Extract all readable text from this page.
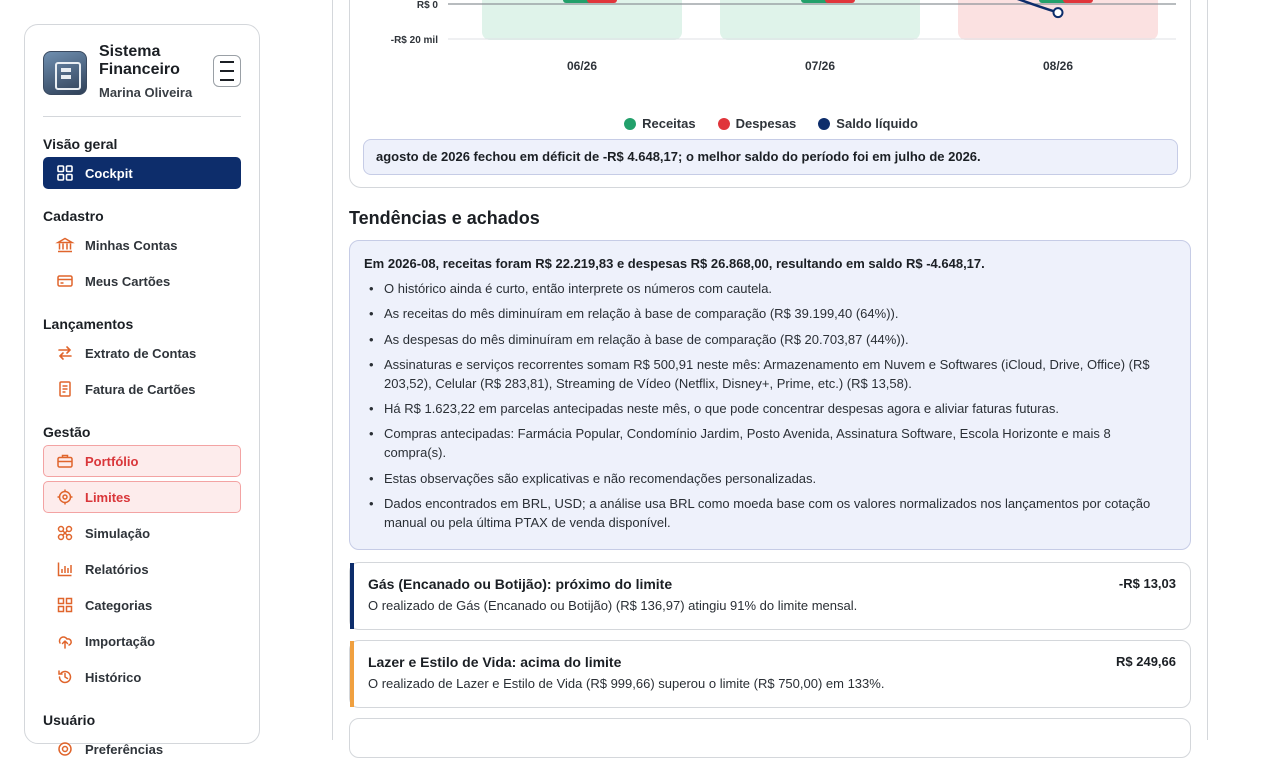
Sistema Financeiro
Marina Oliveira
Visão geral
Cockpit
Cadastro
Minhas Contas
Meus Cartões
Lançamentos
Extrato de Contas
Fatura de Cartões
Gestão
Portfólio
Limites
Simulação
Relatórios
Categorias
Importação
Histórico
Usuário
Preferências
R$ 0
-R$ 20 mil
06/26	07/26	08/26
Receitas	Despesas	Saldo líquido
agosto de 2026 fechou em déficit de -R$ 4.648,17; o melhor saldo do período foi em julho de 2026.
Tendências e achados
Em 2026-08, receitas foram R$ 22.219,83 e despesas R$ 26.868,00, resultando em saldo R$ -4.648,17.
• O histórico ainda é curto, então interprete os números com cautela.
• As receitas do mês diminuíram em relação à base de comparação (R$ 39.199,40 (64%)).
• As despesas do mês diminuíram em relação à base de comparação (R$ 20.703,87 (44%)).
• Assinaturas e serviços recorrentes somam R$ 500,91 neste mês: Armazenamento em Nuvem e Softwares (iCloud, Drive, Office) (R$ 203,52), Celular (R$ 283,81), Streaming de Vídeo (Netflix, Disney+, Prime, etc.) (R$ 13,58).
• Há R$ 1.623,22 em parcelas antecipadas neste mês, o que pode concentrar despesas agora e aliviar faturas futuras.
• Compras antecipadas: Farmácia Popular, Condomínio Jardim, Posto Avenida, Assinatura Software, Escola Horizonte e mais 8 compra(s).
• Estas observações são explicativas e não recomendações personalizadas.
• Dados encontrados em BRL, USD; a análise usa BRL como moeda base com os valores normalizados nos lançamentos por cotação manual ou pela última PTAX de venda disponível.
Gás (Encanado ou Botijão): próximo do limite	-R$ 13,03
O realizado de Gás (Encanado ou Botijão) (R$ 136,97) atingiu 91% do limite mensal.
Lazer e Estilo de Vida: acima do limite	R$ 249,66
O realizado de Lazer e Estilo de Vida (R$ 999,66) superou o limite (R$ 750,00) em 133%.
